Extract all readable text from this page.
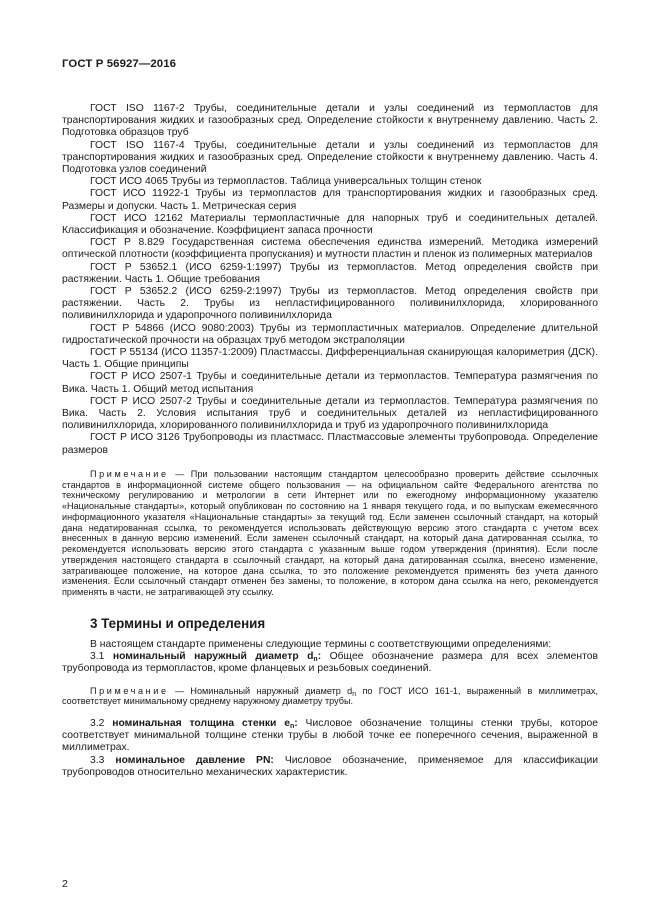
ГОСТ Р 56927—2016

ГОСТ ISO 1167-2 Трубы, соединительные детали и узлы соединений из термопластов для транспортирования жидких и газообразных сред. Определение стойкости к внутреннему давлению. Часть 2. Подготовка образцов труб

ГОСТ ISO 1167-4 Трубы, соединительные детали и узлы соединений из термопластов для транспортирования жидких и газообразных сред. Определение стойкости к внутреннему давлению. Часть 4. Подготовка узлов соединений

ГОСТ ИСО 4065 Трубы из термопластов. Таблица универсальных толщин стенок

ГОСТ ИСО 11922-1 Трубы из термопластов для транспортирования жидких и газообразных сред. Размеры и допуски. Часть 1. Метрическая серия

ГОСТ ИСО 12162 Материалы термопластичные для напорных труб и соединительных деталей. Классификация и обозначение. Коэффициент запаса прочности

ГОСТ Р 8.829 Государственная система обеспечения единства измерений. Методика измерений оптической плотности (коэффициента пропускания) и мутности пластин и пленок из полимерных материалов

ГОСТ Р 53652.1 (ИСО 6259-1:1997) Трубы из термопластов. Метод определения свойств при растяжении. Часть 1. Общие требования

ГОСТ Р 53652.2 (ИСО 6259-2:1997) Трубы из термопластов. Метод определения свойств при растяжении. Часть 2. Трубы из непластифицированного поливинилхлорида, хлорированного поливинилхлорида и ударопрочного поливинилхлорида

ГОСТ Р 54866 (ИСО 9080:2003) Трубы из термопластичных материалов. Определение длительной гидростатической прочности на образцах труб методом экстраполяции

ГОСТ Р 55134 (ИСО 11357-1:2009) Пластмассы. Дифференциальная сканирующая калориметрия (ДСК). Часть 1. Общие принципы

ГОСТ Р ИСО 2507-1 Трубы и соединительные детали из термопластов. Температура размягчения по Вика. Часть 1. Общий метод испытания

ГОСТ Р ИСО 2507-2 Трубы и соединительные детали из термопластов. Температура размягчения по Вика. Часть 2. Условия испытания труб и соединительных деталей из непластифицированного поливинилхлорида, хлорированного поливинилхлорида и труб из ударопрочного поливинилхлорида

ГОСТ Р ИСО 3126 Трубопроводы из пластмасс. Пластмассовые элементы трубопровода. Определение размеров

Примечание — При пользовании настоящим стандартом целесообразно проверить действие ссылочных стандартов в информационной системе общего пользования — на официальном сайте Федерального агентства по техническому регулированию и метрологии в сети Интернет или по ежегодному информационному указателю «Национальные стандарты», который опубликован по состоянию на 1 января текущего года, и по выпускам ежемесячного информационного указателя «Национальные стандарты» за текущий год. Если заменен ссылочный стандарт, на который дана недатированная ссылка, то рекомендуется использовать действующую версию этого стандарта с учетом всех внесенных в данную версию изменений. Если заменен ссылочный стандарт, на который дана датированная ссылка, то рекомендуется использовать версию этого стандарта с указанным выше годом утверждения (принятия). Если после утверждения настоящего стандарта в ссылочный стандарт, на который дана датированная ссылка, внесено изменение, затрагивающее положение, на которое дана ссылка, то это положение рекомендуется применять без учета данного изменения. Если ссылочный стандарт отменен без замены, то положение, в котором дана ссылка на него, рекомендуется применять в части, не затрагивающей эту ссылку.

3 Термины и определения

В настоящем стандарте применены следующие термины с соответствующими определениями:

3.1 номинальный наружный диаметр $d_n$: Общее обозначение размера для всех элементов трубопровода из термопластов, кроме фланцевых и резьбовых соединений.

Примечание — Номинальный наружный диаметр $d_n$ по ГОСТ ИСО 161-1, выраженный в миллиметрах, соответствует минимальному среднему наружному диаметру трубы.

3.2 номинальная толщина стенки $e_n$: Числовое обозначение толщины стенки трубы, которое соответствует минимальной толщине стенки трубы в любой точке ее поперечного сечения, выраженной в миллиметрах.

3.3 номинальное давление PN: Числовое обозначение, применяемое для классификации трубопроводов относительно механических характеристик.

2
